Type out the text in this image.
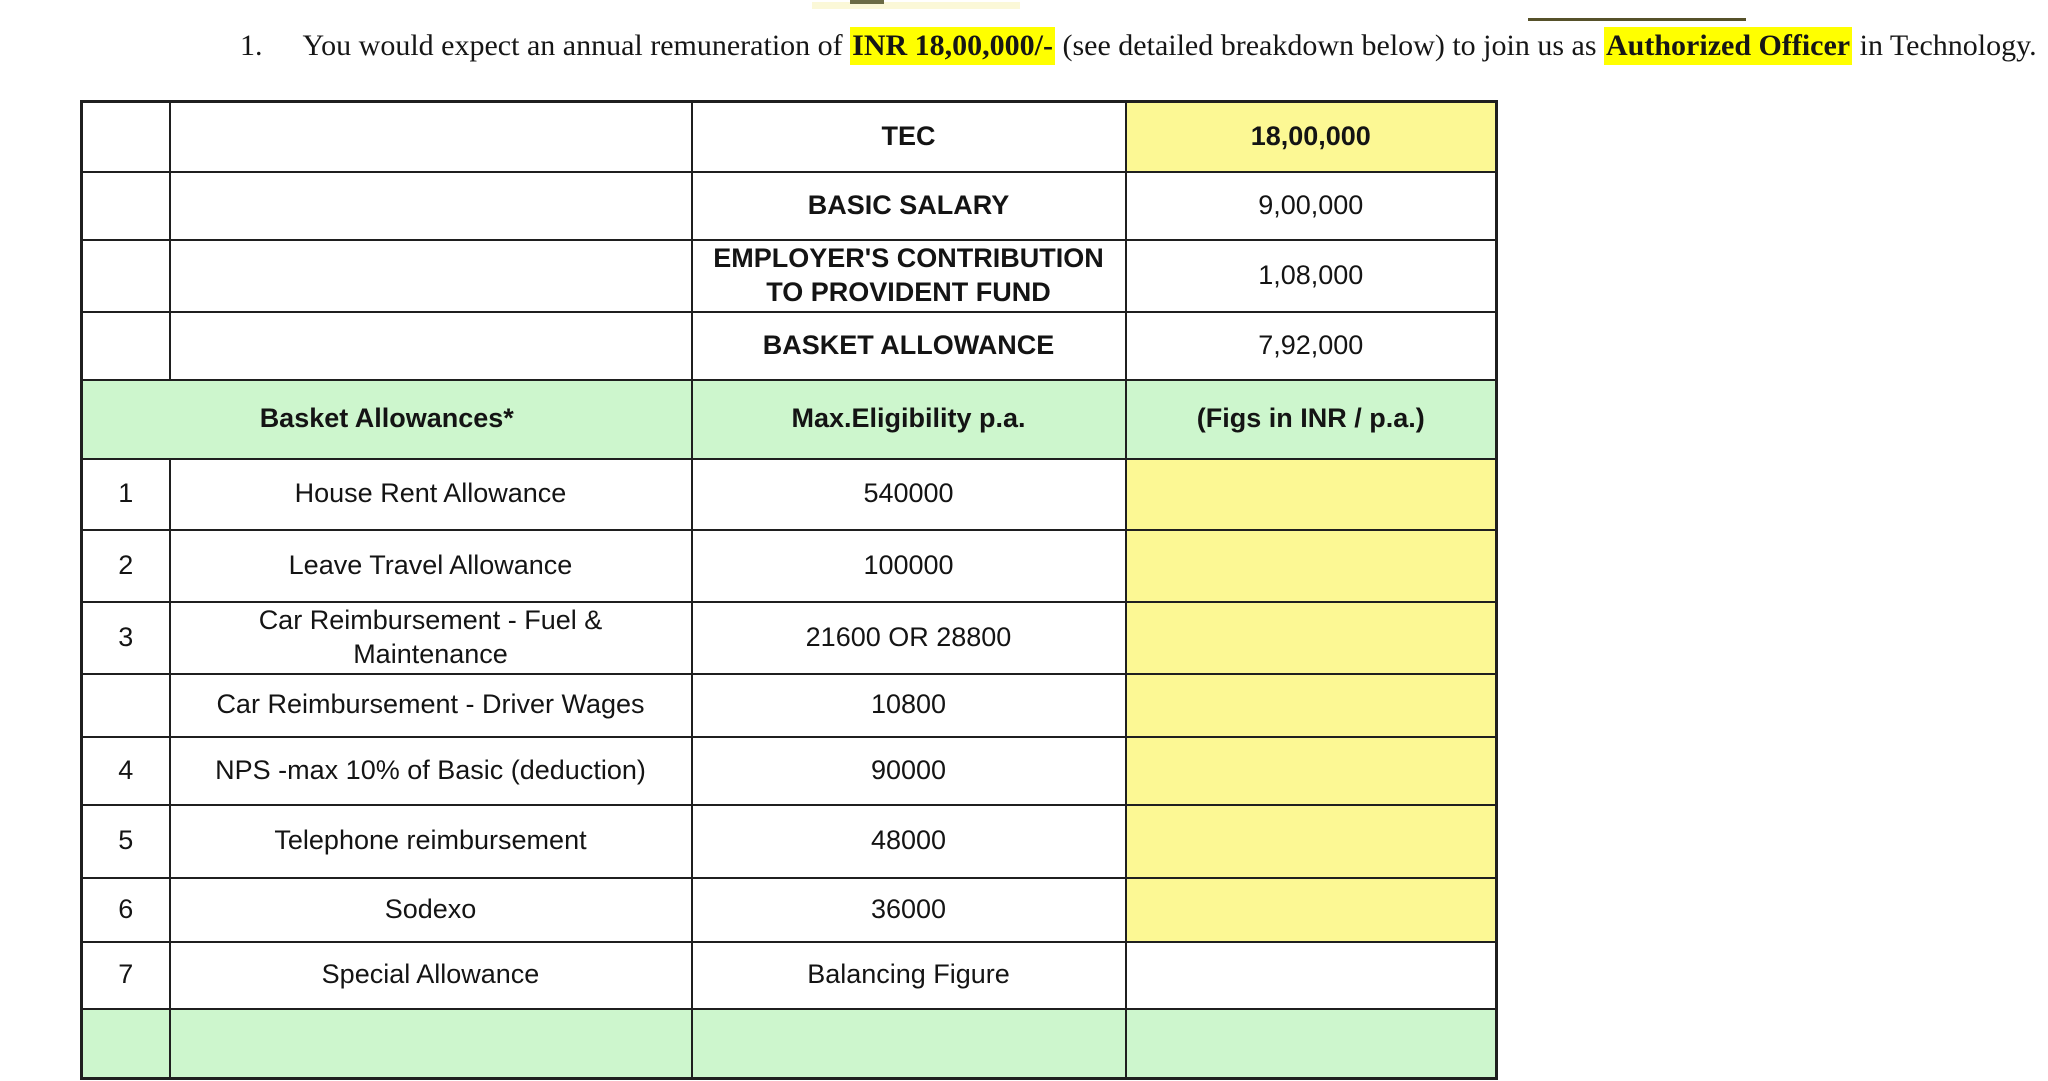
1. You would expect an annual remuneration of INR 18,00,000/- (see detailed breakdown below) to join us as Authorized Officer in Technology.
		TEC	18,00,000
		BASIC SALARY	9,00,000
		EMPLOYER'S CONTRIBUTION TO PROVIDENT FUND	1,08,000
		BASKET ALLOWANCE	7,92,000
Basket Allowances*		Max.Eligibility p.a.	(Figs in INR / p.a.)
1	House Rent Allowance	540000	
2	Leave Travel Allowance	100000	
3	Car Reimbursement - Fuel & Maintenance	21600 OR 28800	
	Car Reimbursement - Driver Wages	10800	
4	NPS -max 10% of Basic (deduction)	90000	
5	Telephone reimbursement	48000	
6	Sodexo	36000	
7	Special Allowance	Balancing Figure	
